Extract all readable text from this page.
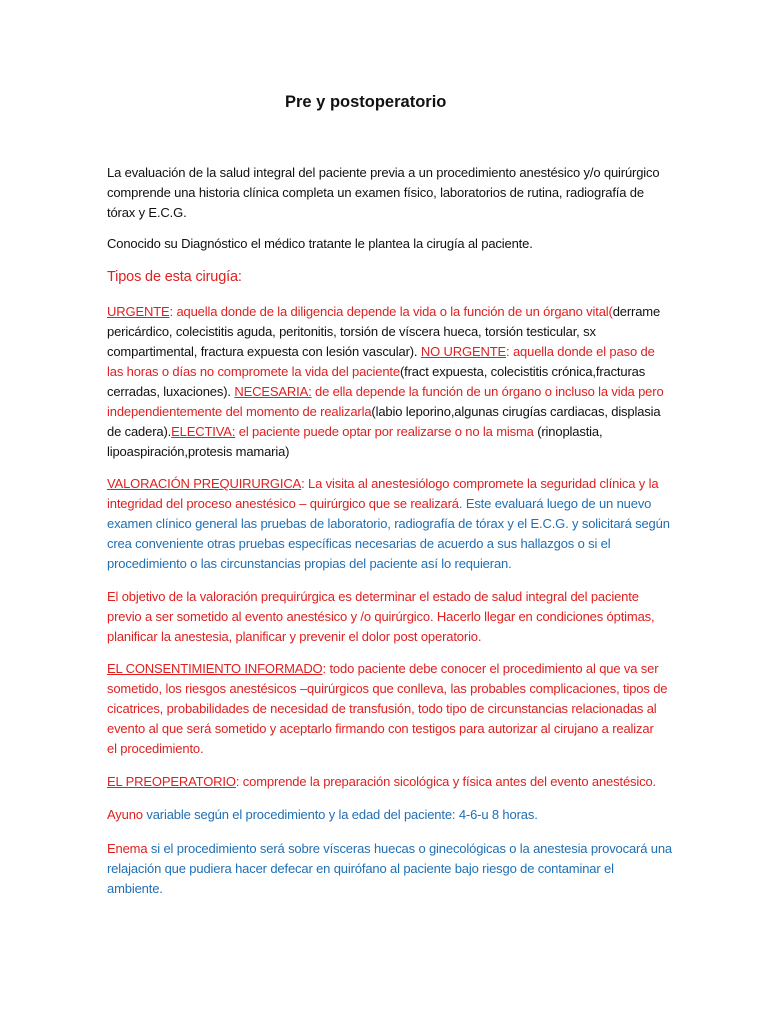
Pre y postoperatorio
La evaluación de la salud integral del paciente previa a un procedimiento anestésico y/o quirúrgico
comprende una historia clínica completa un examen físico, laboratorios de rutina, radiografía de
tórax y E.C.G.
Conocido su Diagnóstico el médico tratante le plantea la cirugía al paciente.
Tipos de esta cirugía:
URGENTE: aquella donde de la diligencia depende la vida o la función de un órgano vital(derrame
pericárdico, colecistitis aguda, peritonitis, torsión de víscera hueca, torsión testicular, sx
compartimental, fractura expuesta con lesión vascular). NO URGENTE: aquella donde el paso de
las horas o días no compromete la vida del paciente(fract expuesta, colecistitis crónica,fracturas
cerradas, luxaciones). NECESARIA: de ella depende la función de un órgano o incluso la vida pero
independientemente del momento de realizarla(labio leporino,algunas cirugías cardiacas, displasia
de cadera).ELECTIVA: el paciente puede optar por realizarse o no la misma (rinoplastia,
lipoaspiración,protesis mamaria)
VALORACIÓN PREQUIRURGICA: La visita al anestesiólogo compromete la seguridad clínica y la
integridad del proceso anestésico – quirúrgico que se realizará. Este evaluará luego de un nuevo
examen clínico general las pruebas de laboratorio, radiografía de tórax y el E.C.G. y solicitará según
crea conveniente otras pruebas específicas necesarias de acuerdo a sus hallazgos o si el
procedimiento o las circunstancias propias del paciente así lo requieran.
El objetivo de la valoración prequirúrgica es determinar el estado de salud integral del paciente
previo a ser sometido al evento anestésico y /o quirúrgico. Hacerlo llegar en condiciones óptimas,
planificar la anestesia, planificar y prevenir el dolor post operatorio.
EL CONSENTIMIENTO INFORMADO: todo paciente debe conocer el procedimiento al que va ser
sometido, los riesgos anestésicos –quirúrgicos que conlleva, las probables complicaciones, tipos de
cicatrices, probabilidades de necesidad de transfusión, todo tipo de circunstancias relacionadas al
evento al que será sometido y aceptarlo firmando con testigos para autorizar al cirujano a realizar
el procedimiento.
EL PREOPERATORIO: comprende la preparación sicológica y física antes del evento anestésico.
Ayuno variable según el procedimiento y la edad del paciente: 4-6-u 8 horas.
Enema si el procedimiento será sobre vísceras huecas o ginecológicas o la anestesia provocará una
relajación que pudiera hacer defecar en quirófano al paciente bajo riesgo de contaminar el
ambiente.
